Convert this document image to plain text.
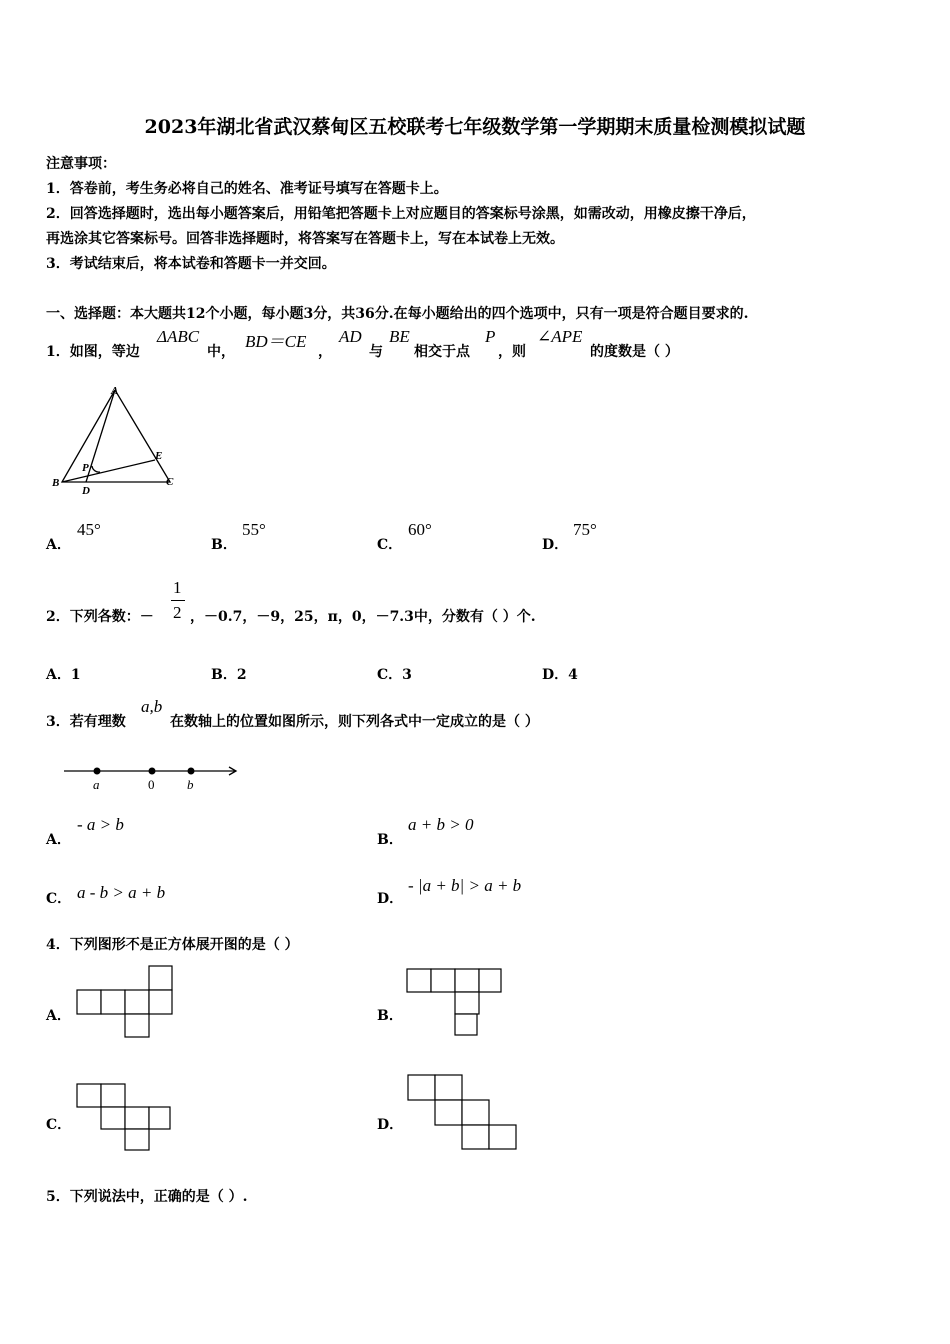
2023年湖北省武汉蔡甸区五校联考七年级数学第一学期期末质量检测模拟试题
注意事项：
1．答卷前，考生务必将自己的姓名、准考证号填写在答题卡上。
2．回答选择题时，选出每小题答案后，用铅笔把答题卡上对应题目的答案标号涂黑，如需改动，用橡皮擦干净后，
再选涂其它答案标号。回答非选择题时，将答案写在答题卡上，写在本试卷上无效。
3．考试结束后，将本试卷和答题卡一并交回。
一、选择题：本大题共12个小题，每小题3分，共36分.在每小题给出的四个选项中，只有一项是符合题目要求的.
1．如图，等边
ΔABC
中，
BD＝CE
，
AD
与
BE
相交于点
P
，则
∠APE
的度数是（ ）
A
B	C
D
E
P
A．
45°
B．
55°
C．
60°
D．
75°
2．下列各数：－
1
2 ，－0.7，－9，25，π，0，－7.3中，分数有（ ）个.
A．1	B．2	C．3	D．4
3．若有理数
a,b
在数轴上的位置如图所示，则下列各式中一定成立的是（ ）
a	0	b
A．
- a > b
B．
a + b > 0
C． a - b > a + b	D．
- |a + b| > a + b
4．下列图形不是正方体展开图的是（ ）
A．	B．
C．	D．
5．下列说法中，正确的是（ ）.
